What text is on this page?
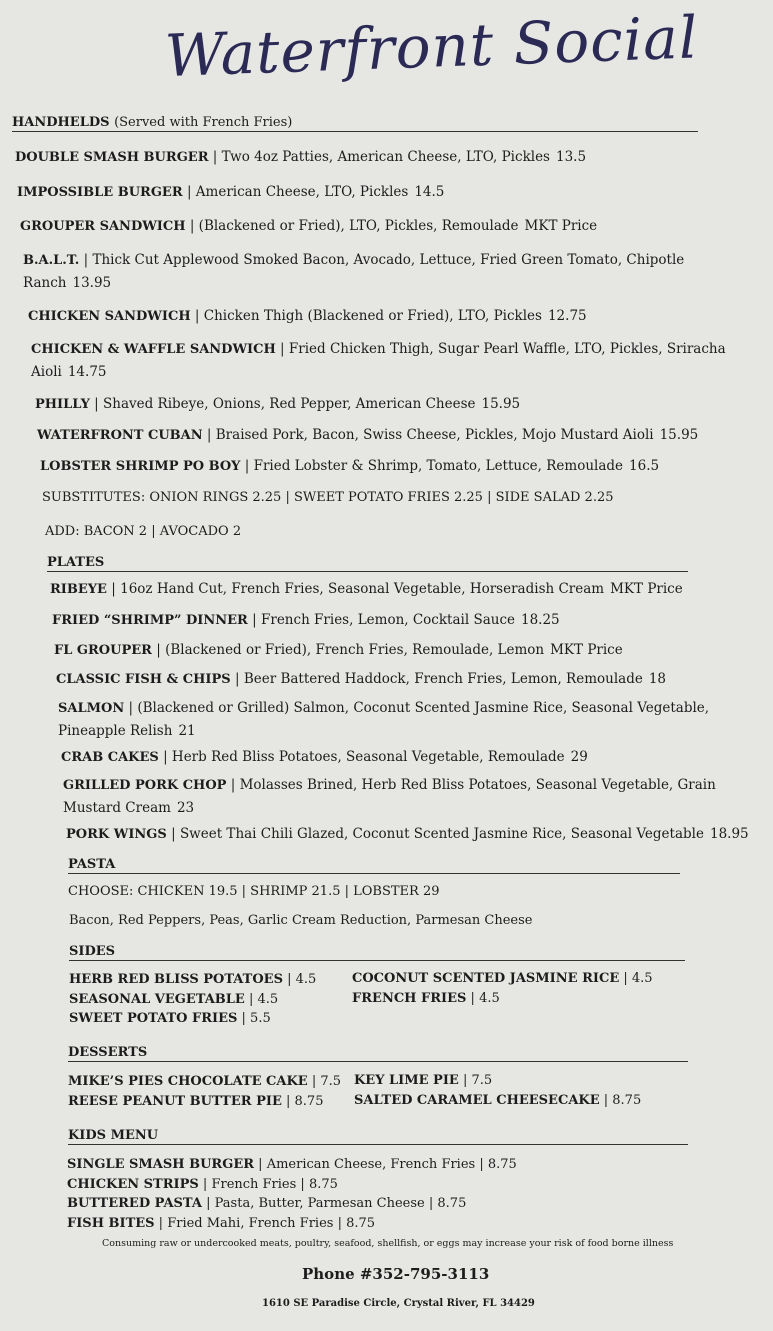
Waterfront Social
HANDHELDS (Served with French Fries)
DOUBLE SMASH BURGER | Two 4oz Patties, American Cheese, LTO, Pickles 13.5
IMPOSSIBLE BURGER | American Cheese, LTO, Pickles 14.5
GROUPER SANDWICH | (Blackened or Fried), LTO, Pickles, Remoulade MKT Price
B.A.L.T. | Thick Cut Applewood Smoked Bacon, Avocado, Lettuce, Fried Green Tomato, Chipotle
Ranch 13.95
CHICKEN SANDWICH | Chicken Thigh (Blackened or Fried), LTO, Pickles 12.75
CHICKEN & WAFFLE SANDWICH | Fried Chicken Thigh, Sugar Pearl Waffle, LTO, Pickles, Sriracha
Aioli 14.75
PHILLY | Shaved Ribeye, Onions, Red Pepper, American Cheese 15.95
WATERFRONT CUBAN | Braised Pork, Bacon, Swiss Cheese, Pickles, Mojo Mustard Aioli 15.95
LOBSTER SHRIMP PO BOY | Fried Lobster & Shrimp, Tomato, Lettuce, Remoulade 16.5
SUBSTITUTES: ONION RINGS 2.25 | SWEET POTATO FRIES 2.25 | SIDE SALAD 2.25
ADD: BACON 2 | AVOCADO 2
PLATES
RIBEYE | 16oz Hand Cut, French Fries, Seasonal Vegetable, Horseradish Cream MKT Price
FRIED “SHRIMP” DINNER | French Fries, Lemon, Cocktail Sauce 18.25
FL GROUPER | (Blackened or Fried), French Fries, Remoulade, Lemon MKT Price
CLASSIC FISH & CHIPS | Beer Battered Haddock, French Fries, Lemon, Remoulade 18
SALMON | (Blackened or Grilled) Salmon, Coconut Scented Jasmine Rice, Seasonal Vegetable,
Pineapple Relish 21
CRAB CAKES | Herb Red Bliss Potatoes, Seasonal Vegetable, Remoulade 29
GRILLED PORK CHOP | Molasses Brined, Herb Red Bliss Potatoes, Seasonal Vegetable, Grain
Mustard Cream 23
PORK WINGS | Sweet Thai Chili Glazed, Coconut Scented Jasmine Rice, Seasonal Vegetable 18.95
PASTA
CHOOSE: CHICKEN 19.5 | SHRIMP 21.5 | LOBSTER 29
Bacon, Red Peppers, Peas, Garlic Cream Reduction, Parmesan Cheese
SIDES
HERB RED BLISS POTATOES | 4.5
SEASONAL VEGETABLE | 4.5
SWEET POTATO FRIES | 5.5
COCONUT SCENTED JASMINE RICE | 4.5
FRENCH FRIES | 4.5
DESSERTS
MIKE’S PIES CHOCOLATE CAKE | 7.5
REESE PEANUT BUTTER PIE | 8.75
KEY LIME PIE | 7.5
SALTED CARAMEL CHEESECAKE | 8.75
KIDS MENU
SINGLE SMASH BURGER | American Cheese, French Fries | 8.75
CHICKEN STRIPS | French Fries | 8.75
BUTTERED PASTA | Pasta, Butter, Parmesan Cheese | 8.75
FISH BITES | Fried Mahi, French Fries | 8.75
Consuming raw or undercooked meats, poultry, seafood, shellfish, or eggs may increase your risk of food borne illness
Phone #352-795-3113
1610 SE Paradise Circle, Crystal River, FL 34429
